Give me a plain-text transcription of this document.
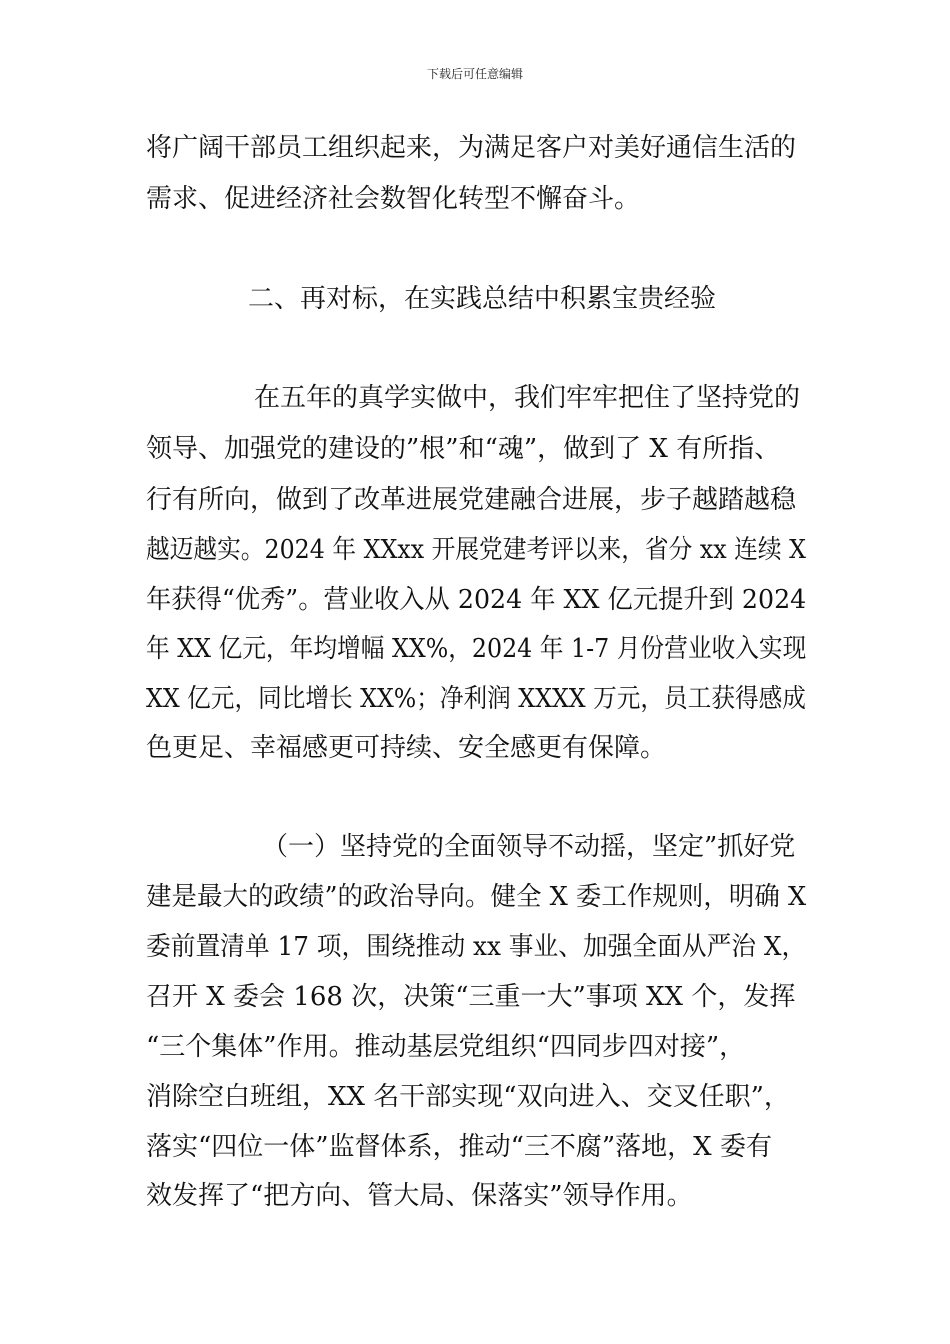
下载后可任意编辑
将广阔干部员工组织起来，为满足客户对美好通信生活的
需求、促进经济社会数智化转型不懈奋斗。
二、再对标，在实践总结中积累宝贵经验
在五年的真学实做中，我们牢牢把住了坚持党的
领导、加强党的建设的”根”和“魂”，做到了 X 有所指、
行有所向，做到了改革进展党建融合进展，步子越踏越稳
越迈越实。2024 年 XXxx 开展党建考评以来，省分 xx 连续 X
年获得“优秀”。营业收入从 2024 年 XX 亿元提升到 2024
年 XX 亿元，年均增幅 XX%，2024 年 1-7 月份营业收入实现
XX 亿元，同比增长 XX%；净利润 XXXX 万元，员工获得感成
色更足、幸福感更可持续、安全感更有保障。
（一）坚持党的全面领导不动摇，坚定”抓好党
建是最大的政绩”的政治导向。健全 X 委工作规则，明确 X
委前置清单 17 项，围绕推动 xx 事业、加强全面从严治 X，
召开 X 委会 168 次，决策“三重一大”事项 XX 个，发挥
“三个集体”作用。推动基层党组织“四同步四对接”，
消除空白班组，XX 名干部实现“双向进入、交叉任职”，
落实“四位一体”监督体系，推动“三不腐”落地，X 委有
效发挥了“把方向、管大局、保落实”领导作用。
